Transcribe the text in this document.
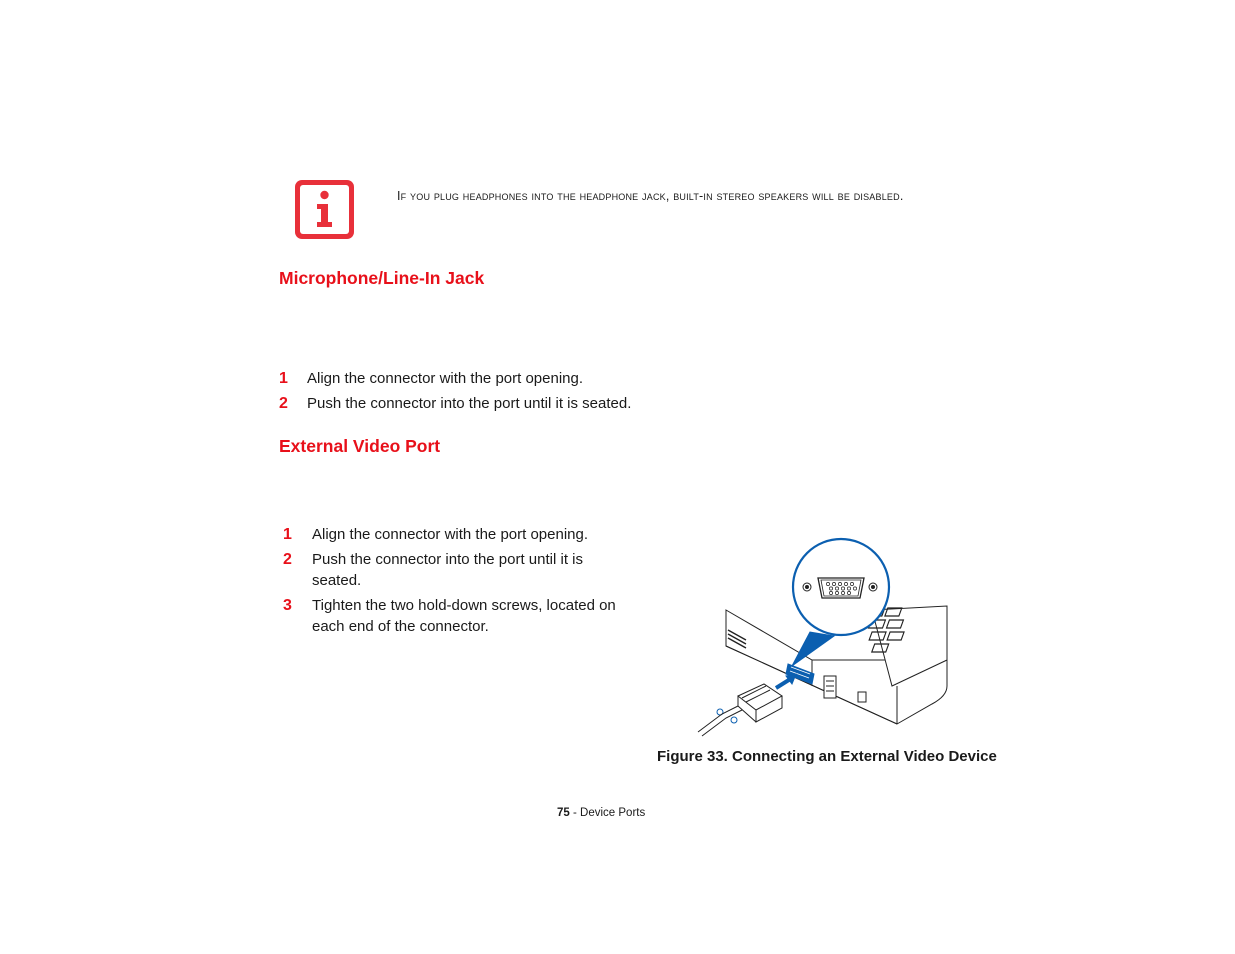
If you plug headphones into the headphone jack, built-in stereo speakers will be disabled.
Microphone/Line-In Jack
1	Align the connector with the port opening.
2	Push the connector into the port until it is seated.
External Video Port
1	Align the connector with the port opening.
2	Push the connector into the port until it is seated.
3	Tighten the two hold-down screws, located on each end of the connector.
Figure 33. Connecting an External Video Device
75 - Device Ports
